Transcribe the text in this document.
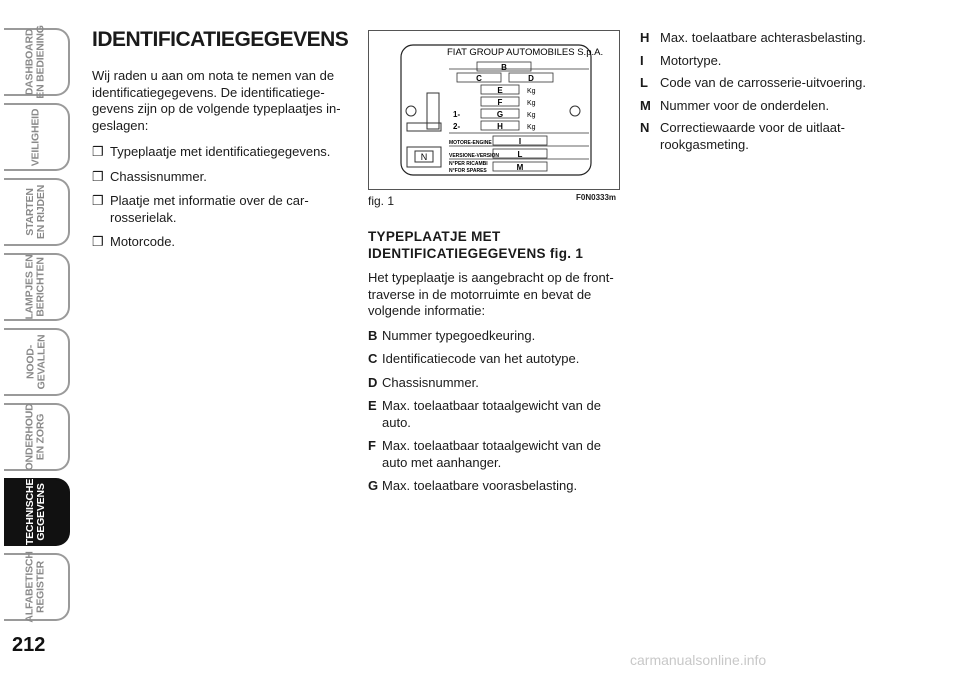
DASHBOARD
EN BEDIENING
VEILIGHEID
STARTEN
EN RIJDEN
LAMPJES EN
BERICHTEN
NOOD-
GEVALLEN
ONDERHOUD
EN ZORG
TECHNISCHE
GEGEVENS
ALFABETISCH
REGISTER
212
IDENTIFICATIEGEGEVENS

Wij raden u aan om nota te nemen van de identificatiegegevens. De identificatiege-gevens zijn op de volgende typeplaatjes in-geslagen:

❒ Typeplaatje met identificatiegegevens.
❒ Chassisnummer.
❒ Plaatje met informatie over de car-rosserielak.
❒ Motorcode.
N
FIAT GROUP AUTOMOBILES S.p.A.
B
C	D
E
F
G
H
I
L
M
Kg
Kg
Kg
Kg
1-
2-
MOTORE-ENGINE
VERSIONE-VERSION
N°PER RICAMBI
N°FOR SPARES
fig. 1	F0N0333m
TYPEPLAATJE MET IDENTIFICATIEGEGEVENS fig. 1

Het typeplaatje is aangebracht op de front-traverse in de motorruimte en bevat de volgende informatie:

B Nummer typegoedkeuring.
C Identificatiecode van het autotype.
D Chassisnummer.
E Max. toelaatbaar totaalgewicht van de auto.
F Max. toelaatbaar totaalgewicht van de auto met aanhanger.
G Max. toelaatbare voorasbelasting.
H Max. toelaatbare achterasbelasting.
I	Motortype.
L Code van de carrosserie-uitvoering.
M Nummer voor de onderdelen.
N Correctiewaarde voor de uitlaat-rookgasmeting.
carmanualsonline.info
